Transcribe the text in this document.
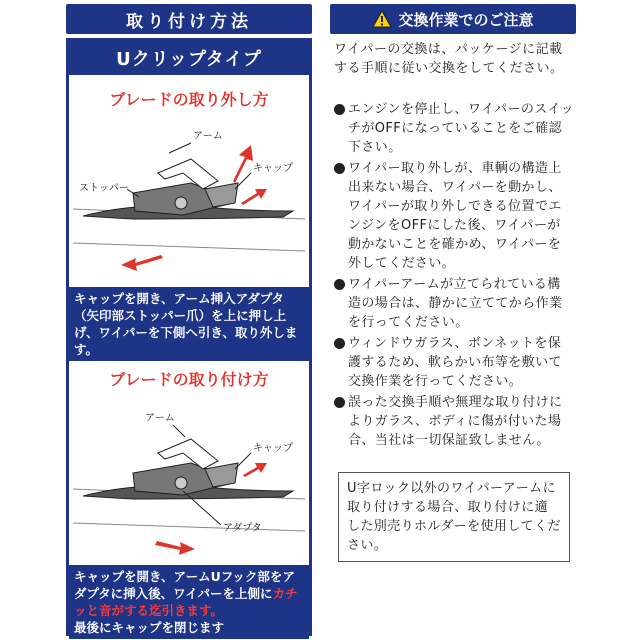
取り付け方法
Uクリップタイプ
ブレードの取り外し方
アーム
キャップ
ストッパー
キャップを開き、アーム挿入アダプタ（矢印部ストッパー爪）を上に押し上げ、ワイパーを下側へ引き、取り外します。
ブレードの取り付け方
アーム
キャップ
アダプタ
キャップを開き、アームUフック部をアダプタに挿入後、ワイパーを上側にカチッと音がする迄引きます。
最後にキャップを閉じます
交換作業でのご注意
ワイパーの交換は、パッケージに記載する手順に従い交換をしてください。
エンジンを停止し、ワイパーのスイッチがOFFになっていることをご確認下さい。
ワイパー取り外しが、車輌の構造上出来ない場合、ワイパーを動かし、ワイパーが取り外しできる位置でエンジンをOFFにした後、ワイパーが動かないことを確かめ、ワイパーを外してください。
ワイパーアームが立てられている構造の場合は、静かに立ててから作業を行ってください。
ウィンドウガラス、ボンネットを保護するため、軟らかい布等を敷いて交換作業を行ってください。
誤った交換手順や無理な取り付けによりガラス、ボディに傷が付いた場合、当社は一切保証致しません。
U字ロック以外のワイパーアームに取り付けする場合、取り付けに適した別売りホルダーを使用してください。
